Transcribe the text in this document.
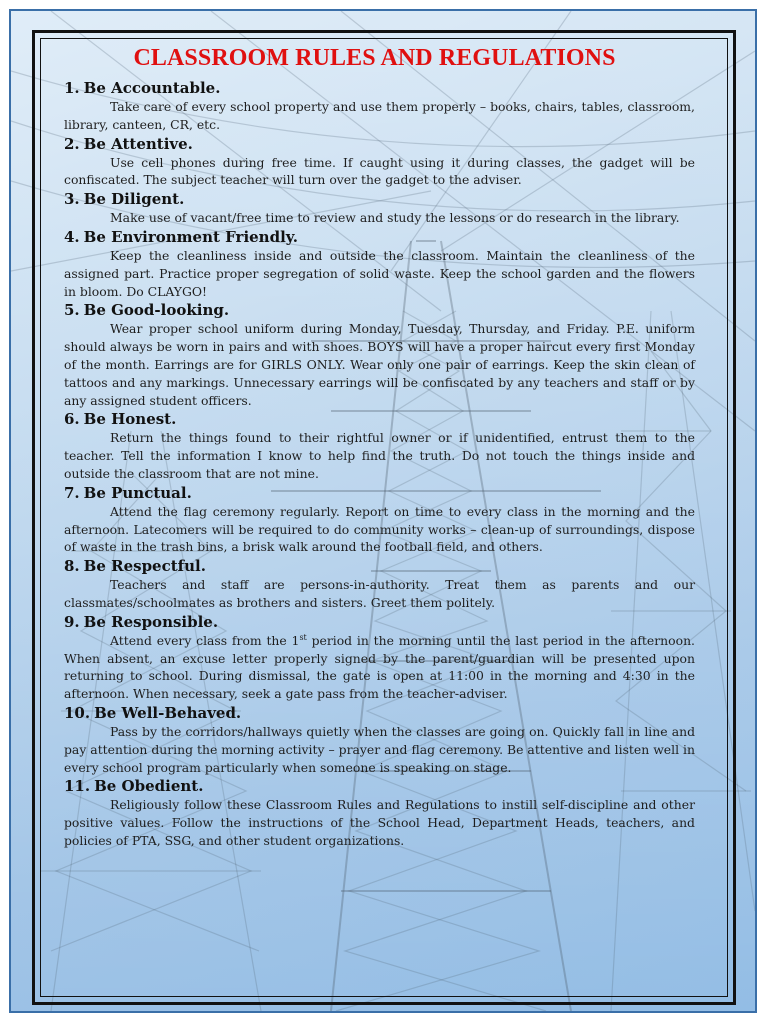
CLASSROOM RULES AND REGULATIONS
1. Be Accountable.
Take care of every school property and use them properly – books, chairs, tables, classroom, library, canteen, CR, etc.
2. Be Attentive.
Use cell phones during free time. If caught using it during classes, the gadget will be confiscated. The subject teacher will turn over the gadget to the adviser.
3. Be Diligent.
Make use of vacant/free time to review and study the lessons or do research in the library.
4. Be Environment Friendly.
Keep the cleanliness inside and outside the classroom. Maintain the cleanliness of the assigned part. Practice proper segregation of solid waste. Keep the school garden and the flowers in bloom. Do CLAYGO!
5. Be Good-looking.
Wear proper school uniform during Monday, Tuesday, Thursday, and Friday. P.E. uniform should always be worn in pairs and with shoes. BOYS will have a proper haircut every first Monday of the month. Earrings are for GIRLS ONLY. Wear only one pair of earrings. Keep the skin clean of tattoos and any markings. Unnecessary earrings will be confiscated by any teachers and staff or by any assigned student officers.
6. Be Honest.
Return the things found to their rightful owner or if unidentified, entrust them to the teacher. Tell the information I know to help find the truth. Do not touch the things inside and outside the classroom that are not mine.
7. Be Punctual.
Attend the flag ceremony regularly. Report on time to every class in the morning and the afternoon. Latecomers will be required to do community works – clean-up of surroundings, dispose of waste in the trash bins, a brisk walk around the football field, and others.
8. Be Respectful.
Teachers and staff are persons-in-authority. Treat them as parents and our classmates/schoolmates as brothers and sisters. Greet them politely.
9. Be Responsible.
Attend every class from the 1st period in the morning until the last period in the afternoon. When absent, an excuse letter properly signed by the parent/guardian will be presented upon returning to school. During dismissal, the gate is open at 11:00 in the morning and 4:30 in the afternoon. When necessary, seek a gate pass from the teacher-adviser.
10. Be Well-Behaved.
Pass by the corridors/hallways quietly when the classes are going on. Quickly fall in line and pay attention during the morning activity – prayer and flag ceremony. Be attentive and listen well in every school program particularly when someone is speaking on stage.
11. Be Obedient.
Religiously follow these Classroom Rules and Regulations to instill self-discipline and other positive values. Follow the instructions of the School Head, Department Heads, teachers, and policies of PTA, SSG, and other student organizations.
